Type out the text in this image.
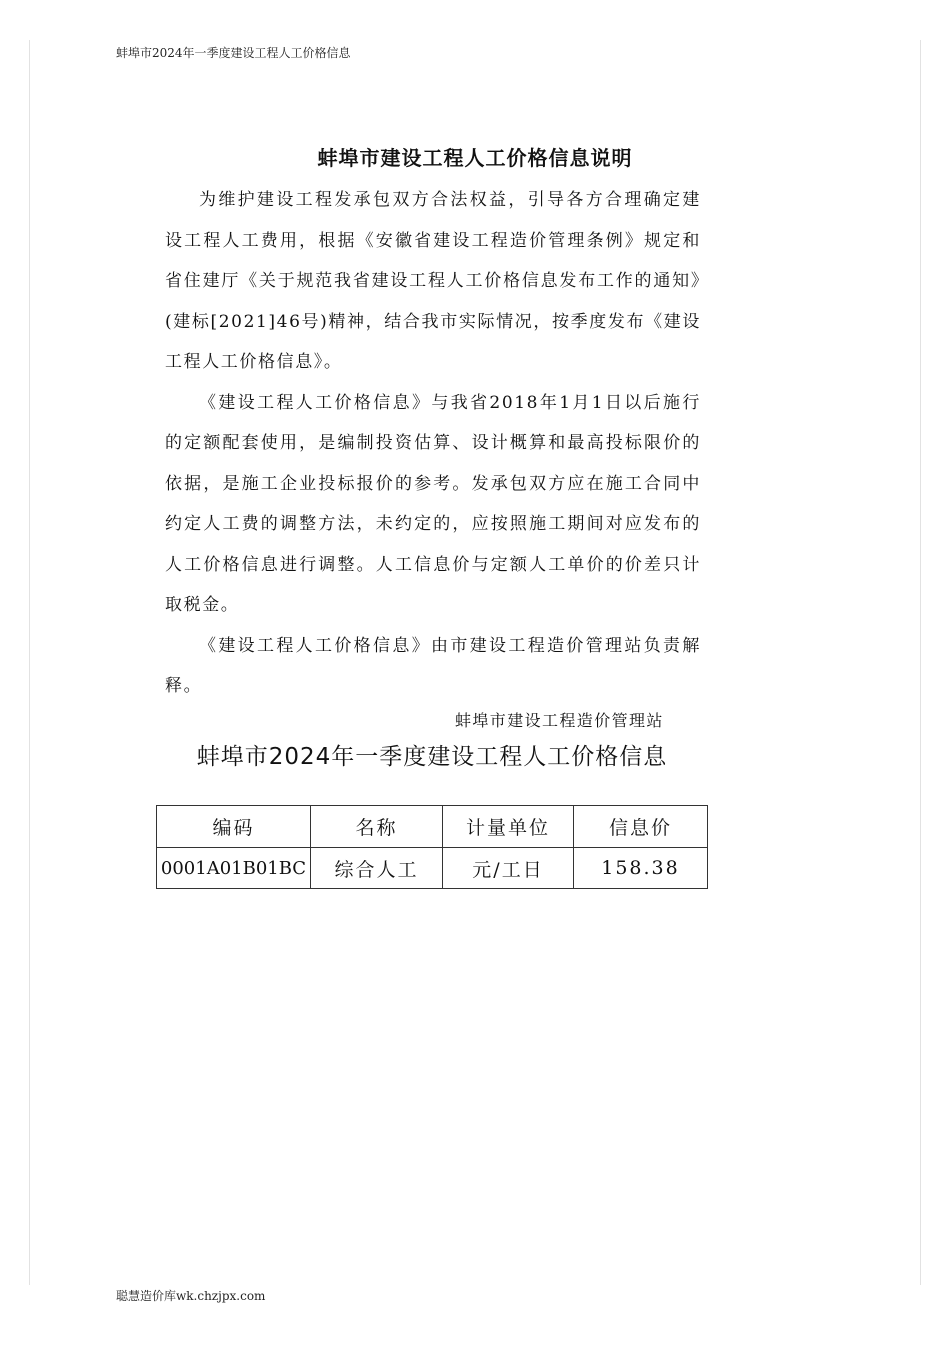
蚌埠市2024年一季度建设工程人工价格信息
蚌埠市建设工程人工价格信息说明

为维护建设工程发承包双方合法权益，引导各方合理确定建设工程人工费用，根据《安徽省建设工程造价管理条例》规定和省住建厅《关于规范我省建设工程人工价格信息发布工作的通知》(建标[2021]46号)精神，结合我市实际情况，按季度发布《建设工程人工价格信息》。

《建设工程人工价格信息》与我省2018年1月1日以后施行的定额配套使用，是编制投资估算、设计概算和最高投标限价的依据，是施工企业投标报价的参考。发承包双方应在施工合同中约定人工费的调整方法，未约定的，应按照施工期间对应发布的人工价格信息进行调整。人工信息价与定额人工单价的价差只计取税金。

《建设工程人工价格信息》由市建设工程造价管理站负责解释。

蚌埠市建设工程造价管理站
蚌埠市2024年一季度建设工程人工价格信息
编码	名称	计量单位	信息价
0001A01B01BC	综合人工	元/工日	158.38
聪慧造价库wk.chzjpx.com
